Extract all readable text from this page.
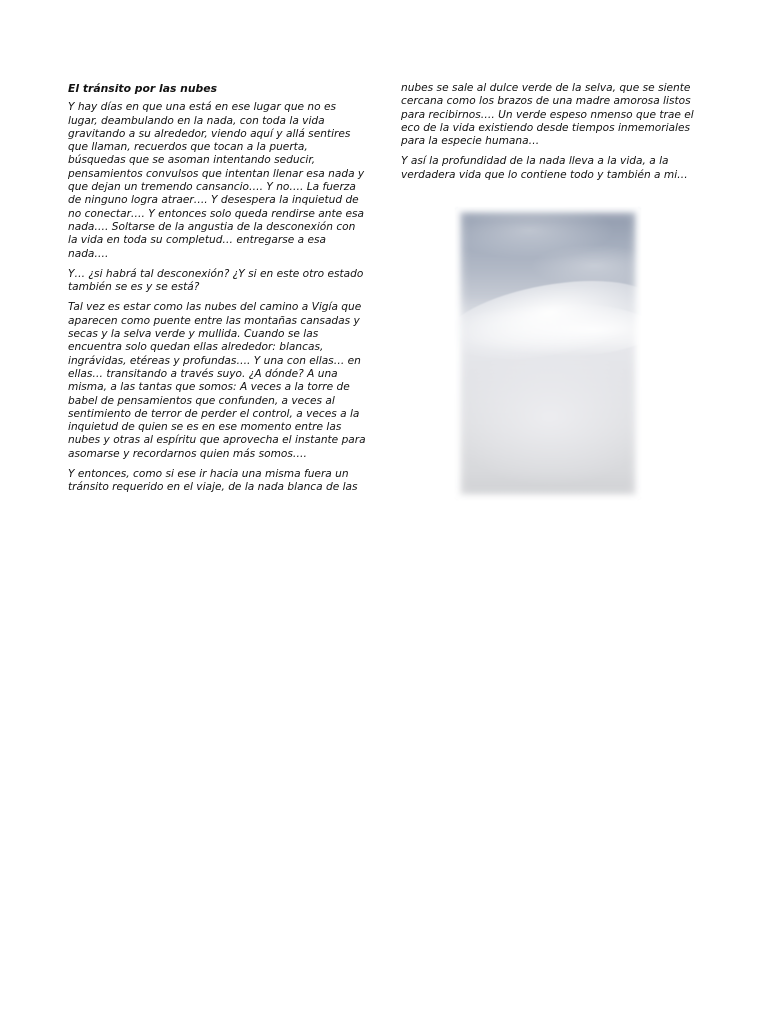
El tránsito por las nubes

Y hay días en que una está en ese lugar que no es lugar, deambulando en la nada, con toda la vida gravitando a su alrededor, viendo aquí y allá sentires que llaman, recuerdos que tocan a la puerta, búsquedas que se asoman intentando seducir, pensamientos convulsos que intentan llenar esa nada y que dejan un tremendo cansancio…. Y no…. La fuerza de ninguno logra atraer…. Y desespera la inquietud de no conectar…. Y entonces solo queda rendirse ante esa nada…. Soltarse de la angustia de la desconexión con la vida en toda su completud… entregarse a esa nada….

Y… ¿si habrá tal desconexión? ¿Y si en este otro estado también se es y se está?

Tal vez es estar como las nubes del camino a Vigía que aparecen como puente entre las montañas cansadas y secas y la selva verde y mullida. Cuando se las encuentra solo quedan ellas alrededor: blancas, ingrávidas, etéreas y profundas…. Y una con ellas… en ellas… transitando a través suyo. ¿A dónde? A una misma, a las tantas que somos: A veces a la torre de babel de pensamientos que confunden, a veces al sentimiento de terror de perder el control, a veces a la inquietud de quien se es en ese momento entre las nubes y otras al espíritu que aprovecha el instante para asomarse y recordarnos quien más somos….

Y entonces, como si ese ir hacia una misma fuera un tránsito requerido en el viaje, de la nada blanca de las

nubes se sale al dulce verde de la selva, que se siente cercana como los brazos de una madre amorosa listos para recibirnos…. Un verde espeso nmenso que trae el eco de la vida existiendo desde tiempos inmemoriales para la especie humana…

Y así la profundidad de la nada lleva a la vida, a la verdadera vida que lo contiene todo y también a mi…
